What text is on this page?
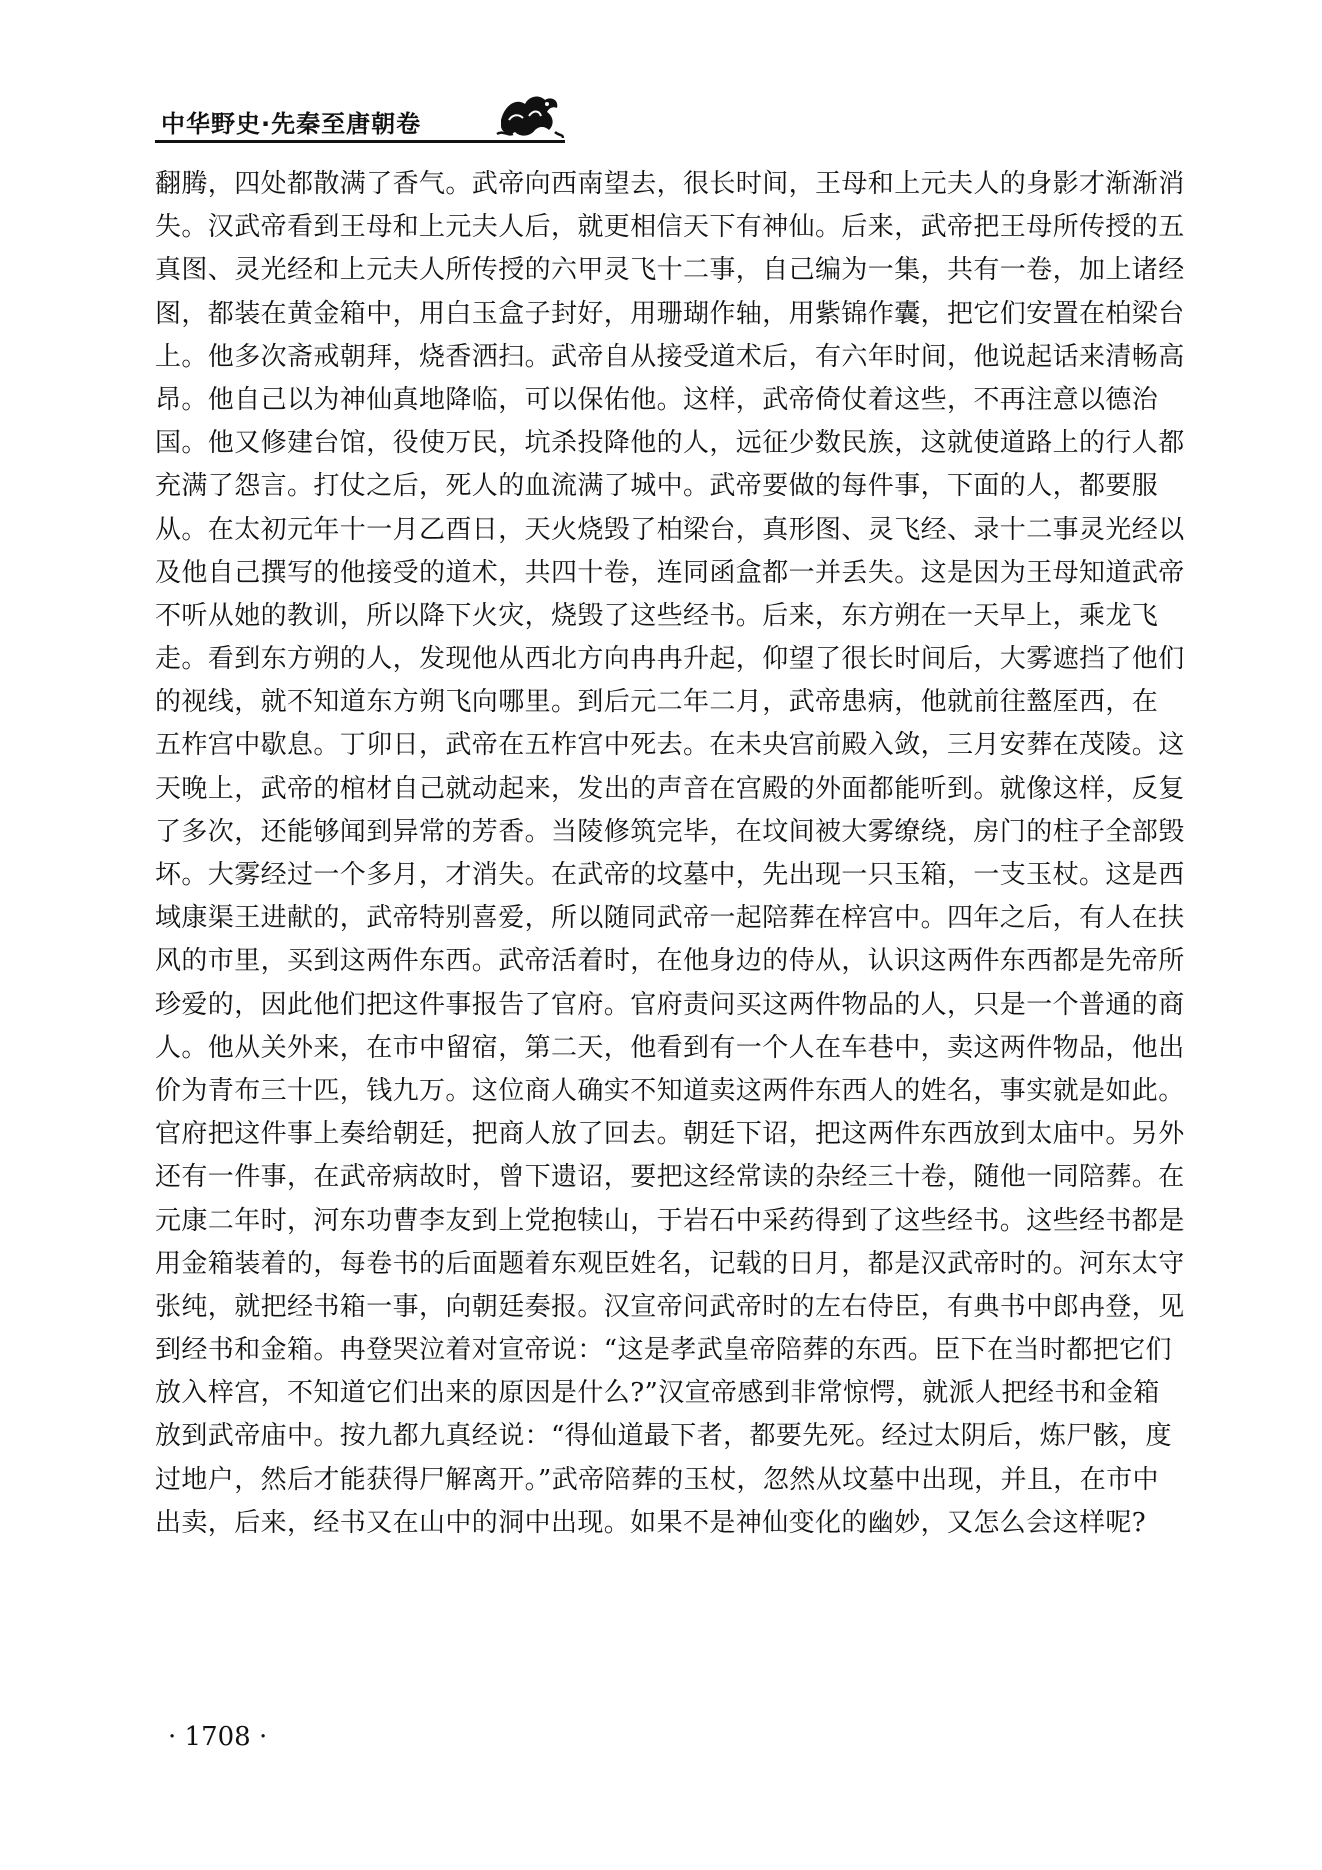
中华野史·先秦至唐朝卷
翻腾，四处都散满了香气。武帝向西南望去，很长时间，王母和上元夫人的身影才渐渐消
失。汉武帝看到王母和上元夫人后，就更相信天下有神仙。后来，武帝把王母所传授的五
真图、灵光经和上元夫人所传授的六甲灵飞十二事，自己编为一集，共有一卷，加上诸经
图，都装在黄金箱中，用白玉盒子封好，用珊瑚作轴，用紫锦作囊，把它们安置在柏梁台
上。他多次斋戒朝拜，烧香洒扫。武帝自从接受道术后，有六年时间，他说起话来清畅高
昂。他自己以为神仙真地降临，可以保佑他。这样，武帝倚仗着这些，不再注意以德治
国。他又修建台馆，役使万民，坑杀投降他的人，远征少数民族，这就使道路上的行人都
充满了怨言。打仗之后，死人的血流满了城中。武帝要做的每件事，下面的人，都要服
从。在太初元年十一月乙酉日，天火烧毁了柏梁台，真形图、灵飞经、录十二事灵光经以
及他自己撰写的他接受的道术，共四十卷，连同函盒都一并丢失。这是因为王母知道武帝
不听从她的教训，所以降下火灾，烧毁了这些经书。后来，东方朔在一天早上，乘龙飞
走。看到东方朔的人，发现他从西北方向冉冉升起，仰望了很长时间后，大雾遮挡了他们
的视线，就不知道东方朔飞向哪里。到后元二年二月，武帝患病，他就前往盩厔西，在
五柞宫中歇息。丁卯日，武帝在五柞宫中死去。在未央宫前殿入敛，三月安葬在茂陵。这
天晚上，武帝的棺材自己就动起来，发出的声音在宫殿的外面都能听到。就像这样，反复
了多次，还能够闻到异常的芳香。当陵修筑完毕，在坟间被大雾缭绕，房门的柱子全部毁
坏。大雾经过一个多月，才消失。在武帝的坟墓中，先出现一只玉箱，一支玉杖。这是西
域康渠王进献的，武帝特别喜爱，所以随同武帝一起陪葬在梓宫中。四年之后，有人在扶
风的市里，买到这两件东西。武帝活着时，在他身边的侍从，认识这两件东西都是先帝所
珍爱的，因此他们把这件事报告了官府。官府责问买这两件物品的人，只是一个普通的商
人。他从关外来，在市中留宿，第二天，他看到有一个人在车巷中，卖这两件物品，他出
价为青布三十匹，钱九万。这位商人确实不知道卖这两件东西人的姓名，事实就是如此。
官府把这件事上奏给朝廷，把商人放了回去。朝廷下诏，把这两件东西放到太庙中。另外
还有一件事，在武帝病故时，曾下遗诏，要把这经常读的杂经三十卷，随他一同陪葬。在
元康二年时，河东功曹李友到上党抱犊山，于岩石中采药得到了这些经书。这些经书都是
用金箱装着的，每卷书的后面题着东观臣姓名，记载的日月，都是汉武帝时的。河东太守
张纯，就把经书箱一事，向朝廷奏报。汉宣帝问武帝时的左右侍臣，有典书中郎冉登，见
到经书和金箱。冉登哭泣着对宣帝说：“这是孝武皇帝陪葬的东西。臣下在当时都把它们
放入梓宫，不知道它们出来的原因是什么?”汉宣帝感到非常惊愕，就派人把经书和金箱
放到武帝庙中。按九都九真经说：“得仙道最下者，都要先死。经过太阴后，炼尸骸，度
过地户，然后才能获得尸解离开。”武帝陪葬的玉杖，忽然从坟墓中出现，并且，在市中
出卖，后来，经书又在山中的洞中出现。如果不是神仙变化的幽妙，又怎么会这样呢?
· 1708 ·
